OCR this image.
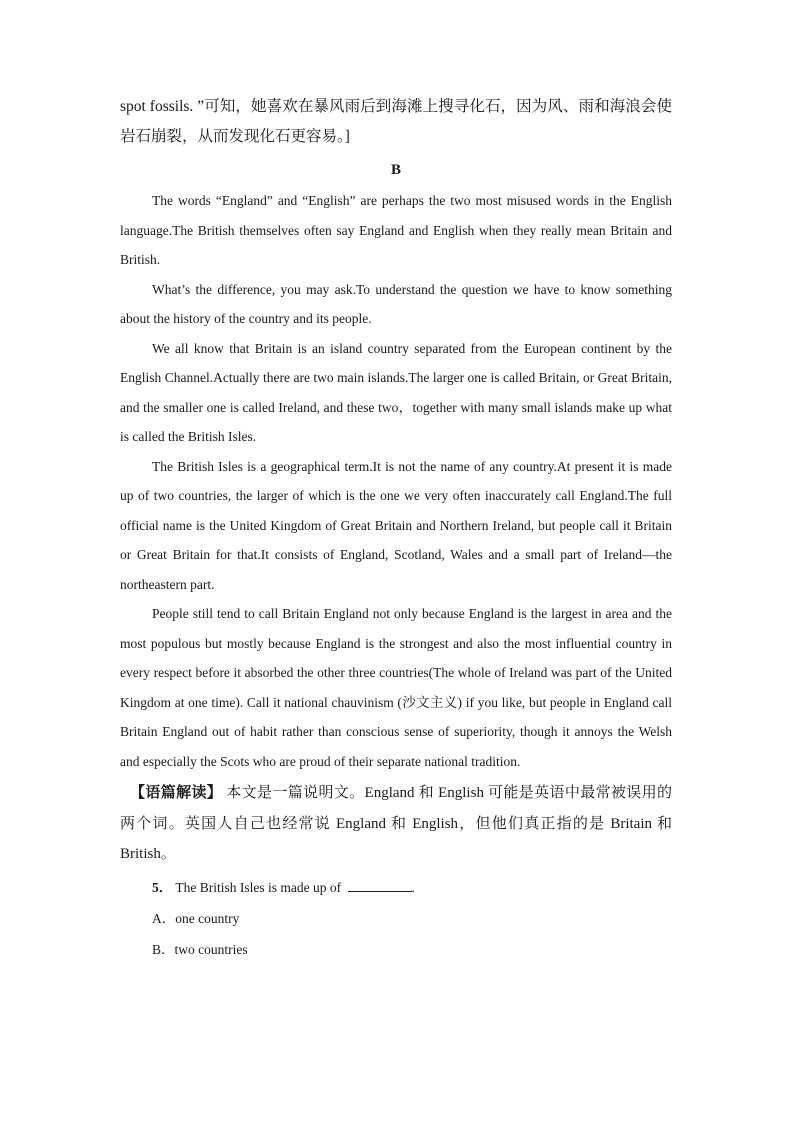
spot fossils. ”可知，她喜欢在暴风雨后到海滩上搜寻化石，因为风、雨和海浪会使岩石崩裂，从而发现化石更容易。]
B

The words “England” and “English” are perhaps the two most misused words in the English language.The British themselves often say England and English when they really mean Britain and British.

What’s the difference, you may ask.To understand the question we have to know something about the history of the country and its people.

We all know that Britain is an island country separated from the European continent by the English Channel.Actually there are two main islands.The larger one is called Britain, or Great Britain, and the smaller one is called Ireland, and these two，together with many small islands make up what is called the British Isles.

The British Isles is a geographical term.It is not the name of any country.At present it is made up of two countries, the larger of which is the one we very often inaccurately call England.The full official name is the United Kingdom of Great Britain and Northern Ireland, but people call it Britain or Great Britain for that.It consists of England, Scotland, Wales and a small part of Ireland—the northeastern part.

People still tend to call Britain England not only because England is the largest in area and the most populous but mostly because England is the strongest and also the most influential country in every respect before it absorbed the other three countries(The whole of Ireland was part of the United Kingdom at one time). Call it national chauvinism (沙文主义) if you like, but people in England call Britain England out of habit rather than conscious sense of superiority, though it annoys the Welsh and especially the Scots who are proud of their separate national tradition.

【语篇解读】 本文是一篇说明文。England 和 English 可能是英语中最常被误用的两个词。英国人自己也经常说 England 和 English，但他们真正指的是 Britain 和 British。
5． The British Isles is made up of	.
A．one country
B．two countries
